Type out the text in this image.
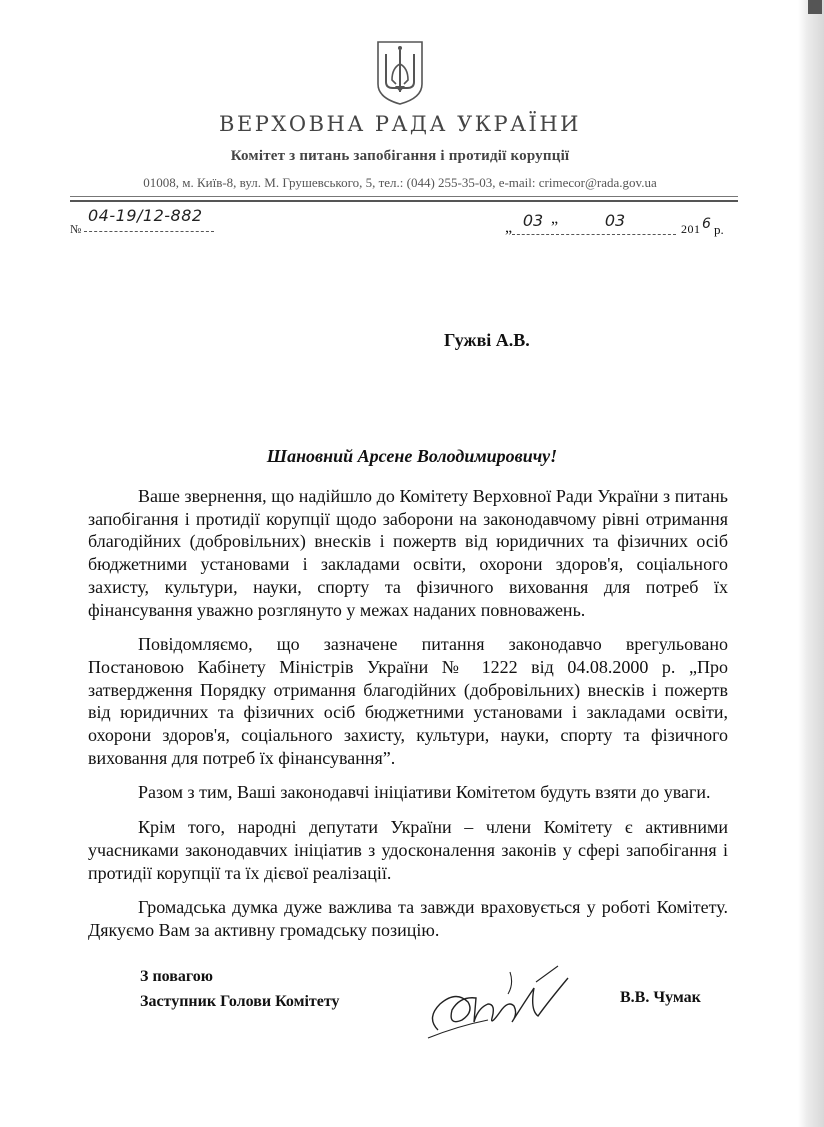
ВЕРХОВНА РАДА УКРАЇНИ
Комітет з питань запобігання і протидії корупції
01008, м. Київ-8, вул. М. Грушевського, 5, тел.: (044) 255-35-03, e-mail: crimecor@rada.gov.ua
№
04-19/12-882
„ 03 ”	03	201 6 р.
Гужві А.В.
Шановний Арсене Володимировичу!

Ваше звернення, що надійшло до Комітету Верховної Ради України з питань запобігання і протидії корупції щодо заборони на законодавчому рівні отримання благодійних (добровільних) внесків і пожертв від юридичних та фізичних осіб бюджетними установами і закладами освіти, охорони здоров'я, соціального захисту, культури, науки, спорту та фізичного виховання для потреб їх фінансування уважно розглянуто у межах наданих повноважень.

Повідомляємо, що зазначене питання законодавчо врегульовано Постановою Кабінету Міністрів України № 1222 від 04.08.2000 р. „Про затвердження Порядку отримання благодійних (добровільних) внесків і пожертв від юридичних та фізичних осіб бюджетними установами і закладами освіти, охорони здоров'я, соціального захисту, культури, науки, спорту та фізичного виховання для потреб їх фінансування”.

Разом з тим, Ваші законодавчі ініціативи Комітетом будуть взяти до уваги.

Крім того, народні депутати України – члени Комітету є активними учасниками законодавчих ініціатив з удосконалення законів у сфері запобігання і протидії корупції та їх дієвої реалізації.

Громадська думка дуже важлива та завжди враховується у роботі Комітету. Дякуємо Вам за активну громадську позицію.

З повагою
Заступник Голови Комітету	В.В. Чумак
